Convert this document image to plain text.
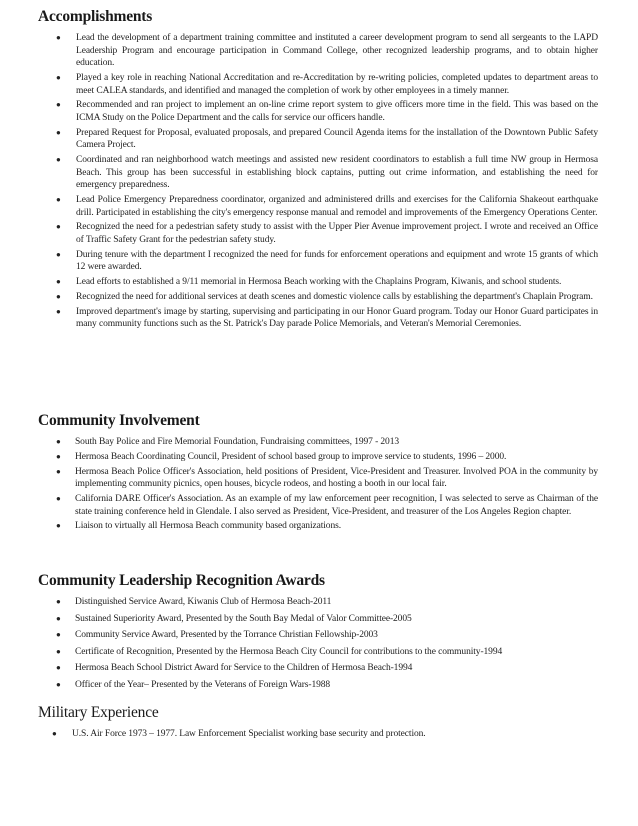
Accomplishments
● Lead the development of a department training committee and instituted a career development program to send all sergeants to the LAPD Leadership Program and encourage participation in Command College, other recognized leadership programs, and to obtain higher education.
● Played a key role in reaching National Accreditation and re-Accreditation by re-writing policies, completed updates to department areas to meet CALEA standards, and identified and managed the completion of work by other employees in a timely manner.
● Recommended and ran project to implement an on-line crime report system to give officers more time in the field. This was based on the ICMA Study on the Police Department and the calls for service our officers handle.
● Prepared Request for Proposal, evaluated proposals, and prepared Council Agenda items for the installation of the Downtown Public Safety Camera Project.
● Coordinated and ran neighborhood watch meetings and assisted new resident coordinators to establish a full time NW group in Hermosa Beach. This group has been successful in establishing block captains, putting out crime information, and establishing the need for emergency preparedness.
● Lead Police Emergency Preparedness coordinator, organized and administered drills and exercises for the California Shakeout earthquake drill. Participated in establishing the city's emergency response manual and remodel and improvements of the Emergency Operations Center.
● Recognized the need for a pedestrian safety study to assist with the Upper Pier Avenue improvement project. I wrote and received an Office of Traffic Safety Grant for the pedestrian safety study.
● During tenure with the department I recognized the need for funds for enforcement operations and equipment and wrote 15 grants of which 12 were awarded.
● Lead efforts to established a 9/11 memorial in Hermosa Beach working with the Chaplains Program, Kiwanis, and school students.
● Recognized the need for additional services at death scenes and domestic violence calls by establishing the department's Chaplain Program.
● Improved department's image by starting, supervising and participating in our Honor Guard program. Today our Honor Guard participates in many community functions such as the St. Patrick's Day parade Police Memorials, and Veteran's Memorial Ceremonies.
Community Involvement
● South Bay Police and Fire Memorial Foundation, Fundraising committees, 1997 - 2013
● Hermosa Beach Coordinating Council, President of school based group to improve service to students, 1996 – 2000.
● Hermosa Beach Police Officer's Association, held positions of President, Vice-President and Treasurer. Involved POA in the community by implementing community picnics, open houses, bicycle rodeos, and hosting a booth in our local fair.
● California DARE Officer's Association. As an example of my law enforcement peer recognition, I was selected to serve as Chairman of the state training conference held in Glendale. I also served as President, Vice-President, and treasurer of the Los Angeles Region chapter.
● Liaison to virtually all Hermosa Beach community based organizations.
Community Leadership Recognition Awards
● Distinguished Service Award, Kiwanis Club of Hermosa Beach-2011
● Sustained Superiority Award, Presented by the South Bay Medal of Valor Committee-2005
● Community Service Award, Presented by the Torrance Christian Fellowship-2003
● Certificate of Recognition, Presented by the Hermosa Beach City Council for contributions to the community-1994
● Hermosa Beach School District Award for Service to the Children of Hermosa Beach-1994
● Officer of the Year– Presented by the Veterans of Foreign Wars-1988
Military Experience
● U.S. Air Force 1973 – 1977. Law Enforcement Specialist working base security and protection.
